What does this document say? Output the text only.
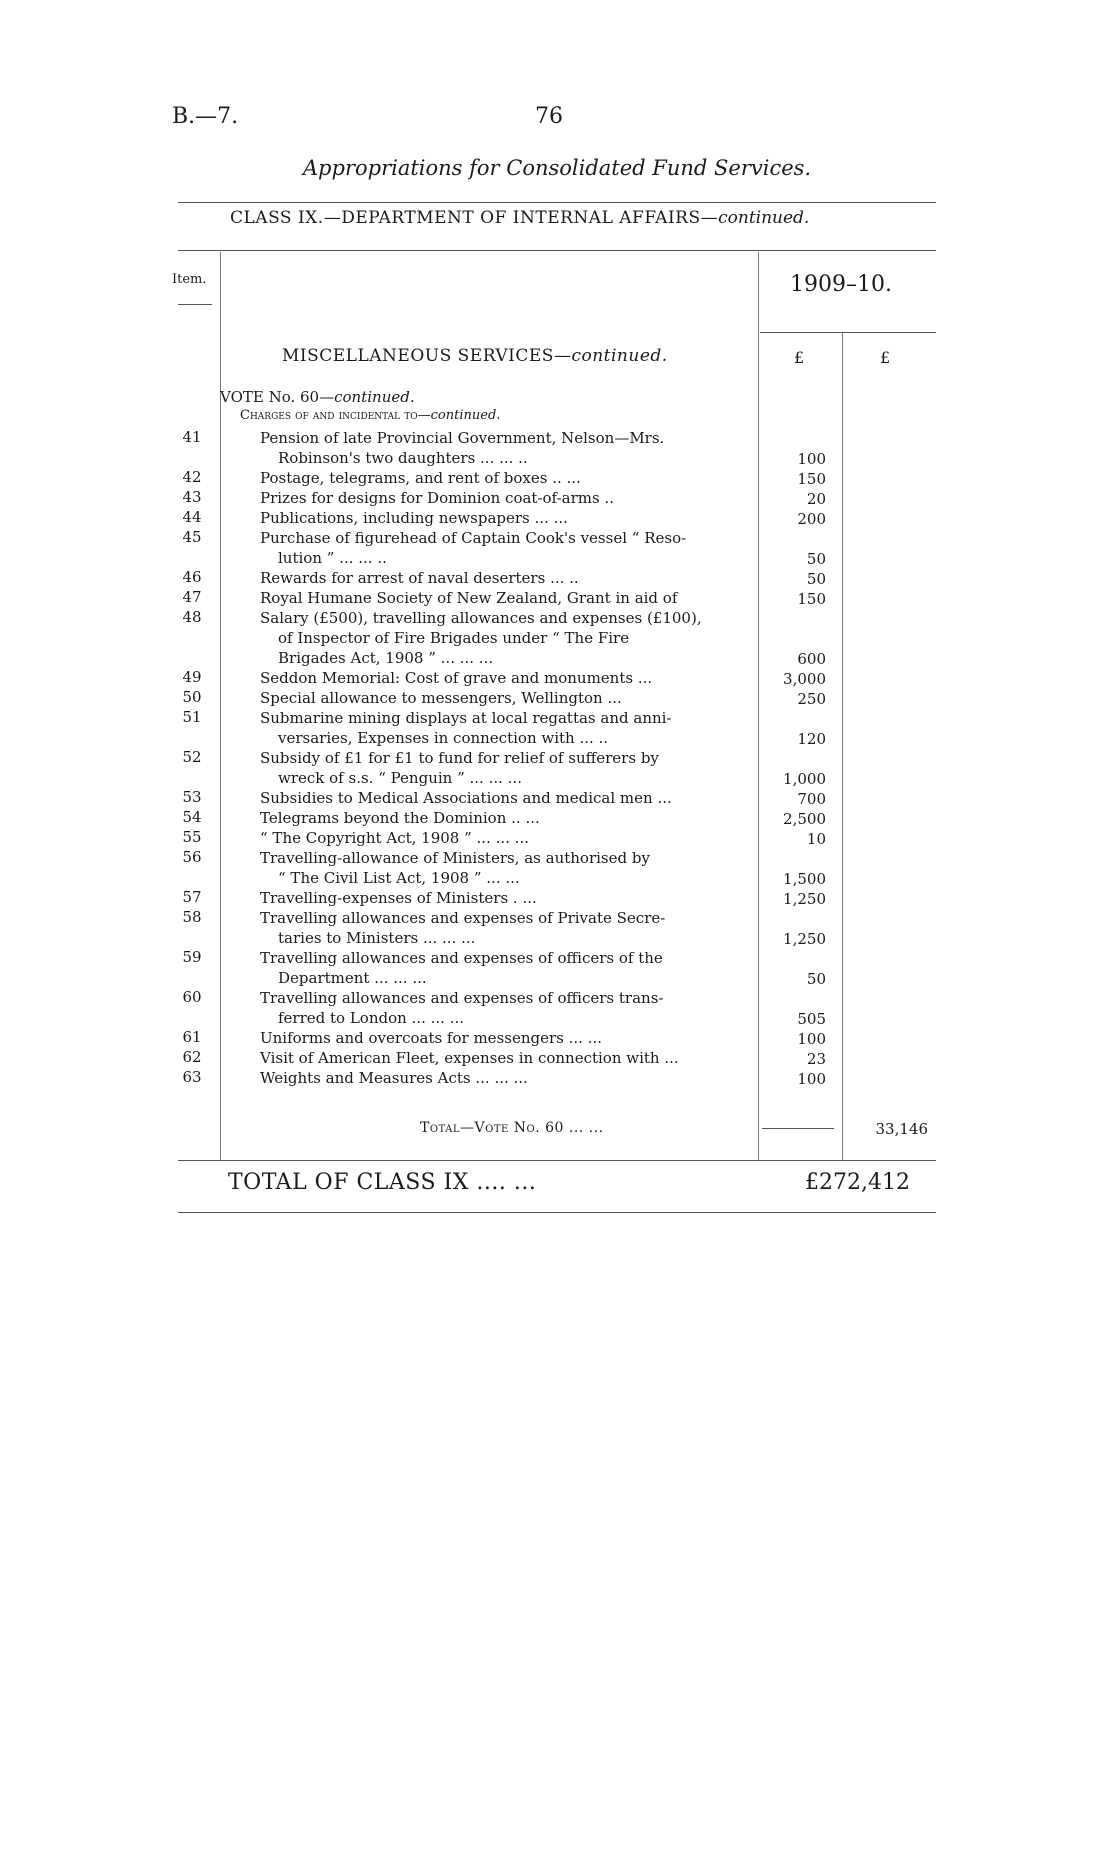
B.—7.	76
Appropriations for Consolidated Fund Services.
CLASS IX.—DEPARTMENT OF INTERNAL AFFAIRS—continued.
Item.	1909–10.
MISCELLANEOUS SERVICES—continued.	£	£
VOTE No. 60—continued.
Charges of and incidental to—continued.
41	Pension of late Provincial Government, Nelson—Mrs.

Robinson's two daughters ... ... ..	100
42	Postage, telegrams, and rent of boxes .. ...	150
43	Prizes for designs for Dominion coat-of-arms ..	20
44	Publications, including newspapers ... ...	200
45	Purchase of figurehead of Captain Cook's vessel “ Reso-

lution ” ... ... ..	50
46	Rewards for arrest of naval deserters ... ..	50
47	Royal Humane Society of New Zealand, Grant in aid of	150
48	Salary (£500), travelling allowances and expenses (£100),

of Inspector of Fire Brigades under “ The Fire
Brigades Act, 1908 ” ... ... ...	600
49	Seddon Memorial: Cost of grave and monuments ...	3,000
50	Special allowance to messengers, Wellington ...	250
51	Submarine mining displays at local regattas and anni-

versaries, Expenses in connection with ... ..	120
52	Subsidy of £1 for £1 to fund for relief of sufferers by

wreck of s.s. “ Penguin ” ... ... ...	1,000
53	Subsidies to Medical Associations and medical men ...	700
54	Telegrams beyond the Dominion .. ...	2,500
55	“ The Copyright Act, 1908 ” ... ... ...	10
56	Travelling-allowance of Ministers, as authorised by

“ The Civil List Act, 1908 ” ... ...	1,500
57	Travelling-expenses of Ministers . ...	1,250
58	Travelling allowances and expenses of Private Secre-

taries to Ministers ... ... ...	1,250
59	Travelling allowances and expenses of officers of the

Department ... ... ...	50
60	Travelling allowances and expenses of officers trans-

ferred to London ... ... ...	505
61	Uniforms and overcoats for messengers ... ...	100
62	Visit of American Fleet, expenses in connection with ...	23
63	Weights and Measures Acts ... ... ...	100
Total—Vote No. 60 ... ...	33,146
TOTAL OF CLASS IX .... ...	£272,412
